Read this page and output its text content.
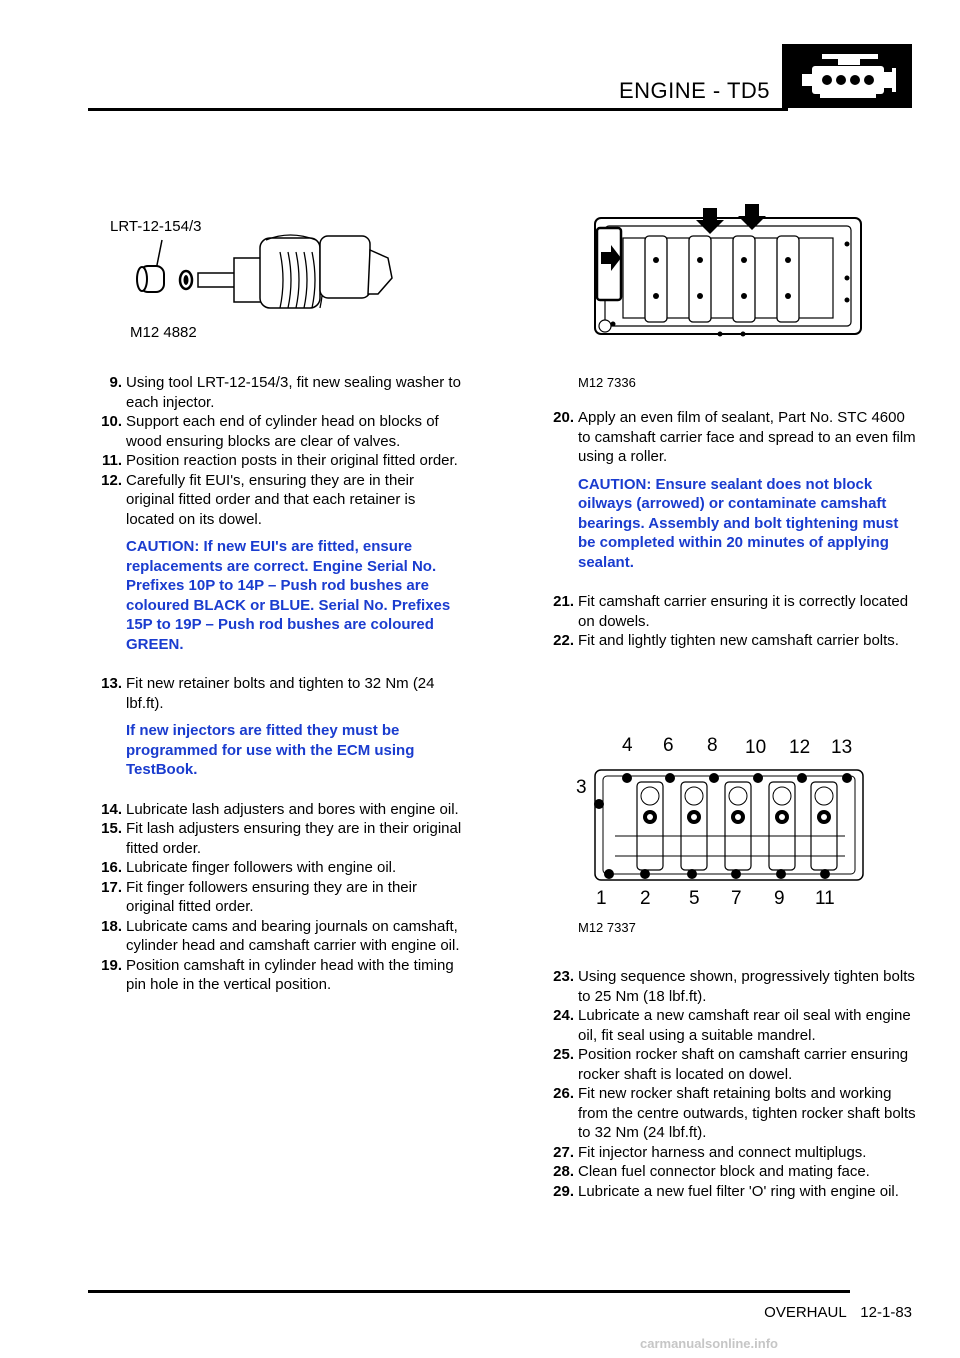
ENGINE - TD5
LRT-12-154/3
M12 4882
M12 7336
9. Using tool LRT-12-154/3, fit new sealing washer to each injector.
10. Support each end of cylinder head on blocks of wood ensuring blocks are clear of valves.
11. Position reaction posts in their original fitted order.
12. Carefully fit EUI's, ensuring they are in their original fitted order and that each retainer is located on its dowel.
CAUTION: If new EUI's are fitted, ensure replacements are correct. Engine Serial No. Prefixes 10P to 14P – Push rod bushes are coloured BLACK or BLUE. Serial No. Prefixes 15P to 19P – Push rod bushes are coloured GREEN.
13. Fit new retainer bolts and tighten to 32 Nm (24 lbf.ft).
If new injectors are fitted they must be programmed for use with the ECM using TestBook.
14. Lubricate lash adjusters and bores with engine oil.
15. Fit lash adjusters ensuring they are in their original fitted order.
16. Lubricate finger followers with engine oil.
17. Fit finger followers ensuring they are in their original fitted order.
18. Lubricate cams and bearing journals on camshaft, cylinder head and camshaft carrier with engine oil.
19. Position camshaft in cylinder head with the timing pin hole in the vertical position.
20. Apply an even film of sealant, Part No. STC 4600 to camshaft carrier face and spread to an even film using a roller.
CAUTION: Ensure sealant does not block oilways (arrowed) or contaminate camshaft bearings. Assembly and bolt tightening must be completed within 20 minutes of applying sealant.
21. Fit camshaft carrier ensuring it is correctly located on dowels.
22. Fit and lightly tighten new camshaft carrier bolts.
4 6 8 10 12 13
3
1 2 5 7 9 11
M12 7337
23. Using sequence shown, progressively tighten bolts to 25 Nm (18 lbf.ft).
24. Lubricate a new camshaft rear oil seal with engine oil, fit seal using a suitable mandrel.
25. Position rocker shaft on camshaft carrier ensuring rocker shaft is located on dowel.
26. Fit new rocker shaft retaining bolts and working from the centre outwards, tighten rocker shaft bolts to 32 Nm (24 lbf.ft).
27. Fit injector harness and connect multiplugs.
28. Clean fuel connector block and mating face.
29. Lubricate a new fuel filter 'O' ring with engine oil.
OVERHAUL 12-1-83
carmanualsonline.info
